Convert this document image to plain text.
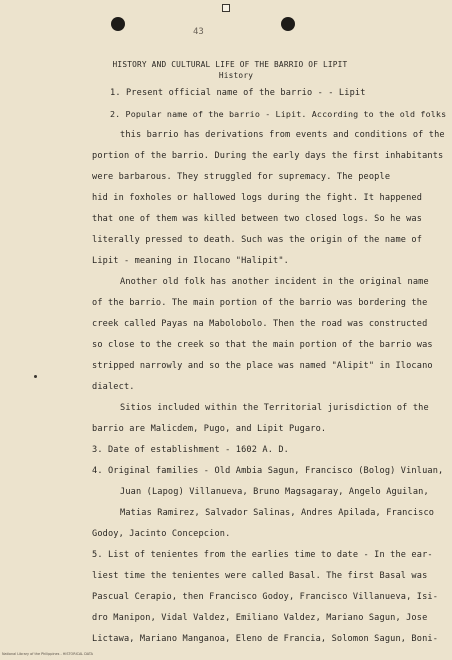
43
HISTORY AND CULTURAL LIFE OF THE BARRIO OF LIPIT
History
1. Present official name of the barrio - - Lipit
2. Popular name of the barrio - Lipit. According to the old folks
this barrio has derivations from events and conditions of the
portion of the barrio. During the early days the first inhabitants
were barbarous. They struggled for supremacy. The people
hid in foxholes or hallowed logs during the fight. It happened
that one of them was killed between two closed logs. So he was
literally pressed to death. Such was the origin of the name of
Lipit - meaning in Ilocano "Halipit".
Another old folk has another incident in the original name
of the barrio. The main portion of the barrio was bordering the
creek called Payas na Mabolobolo. Then the road was constructed
so close to the creek so that the main portion of the barrio was
stripped narrowly and so the place was named "Alipit" in Ilocano
dialect.
Sitios included within the Territorial jurisdiction of the
barrio are Malicdem, Pugo, and Lipit Pugaro.
3. Date of establishment - 1602 A. D.
4. Original families - Old Ambia Sagun, Francisco (Bolog) Vinluan,
Juan (Lapog) Villanueva, Bruno Magsagaray, Angelo Aguilan,
Matias Ramirez, Salvador Salinas, Andres Apilada, Francisco
Godoy, Jacinto Concepcion.
5. List of tenientes from the earlies time to date - In the ear-
liest time the tenientes were called Basal. The first Basal was
Pascual Cerapio, then Francisco Godoy, Francisco Villanueva, Isi-
dro Manipon, Vidal Valdez, Emiliano Valdez, Mariano Sagun, Jose
Lictawa, Mariano Manganoa, Eleno de Francia, Solomon Sagun, Boni-
National Library of the Philippines - HISTORICAL DATA
